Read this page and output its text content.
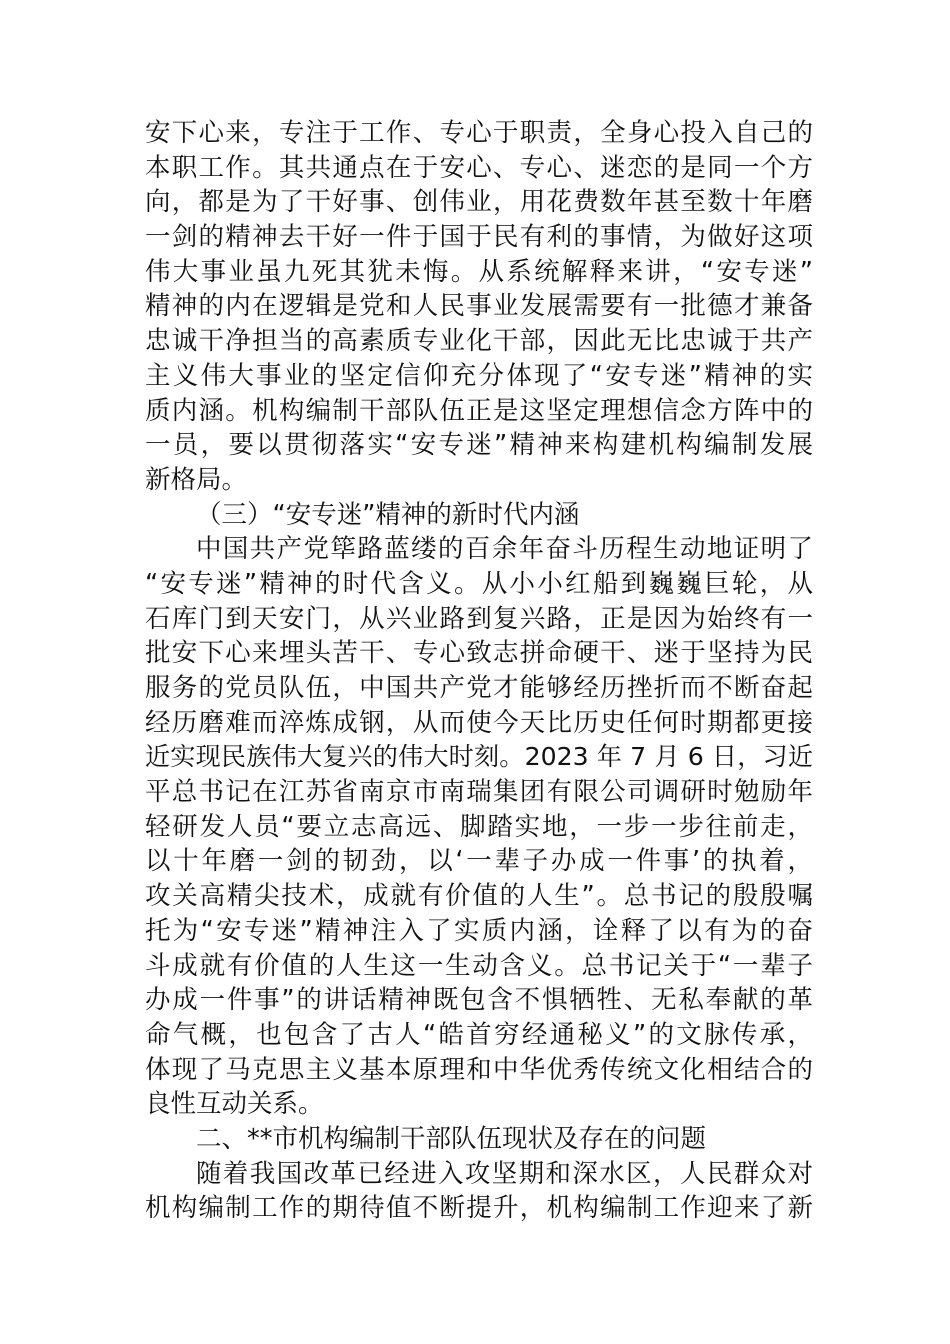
安下心来，专注于工作、专心于职责，全身心投入自己的
本职工作。其共通点在于安心、专心、迷恋的是同一个方
向，都是为了干好事、创伟业，用花费数年甚至数十年磨
一剑的精神去干好一件于国于民有利的事情，为做好这项
伟大事业虽九死其犹未悔。从系统解释来讲，“安专迷”
精神的内在逻辑是党和人民事业发展需要有一批德才兼备
忠诚干净担当的高素质专业化干部，因此无比忠诚于共产
主义伟大事业的坚定信仰充分体现了“安专迷”精神的实
质内涵。机构编制干部队伍正是这坚定理想信念方阵中的
一员，要以贯彻落实“安专迷”精神来构建机构编制发展
新格局。
（三）“安专迷”精神的新时代内涵
中国共产党筚路蓝缕的百余年奋斗历程生动地证明了
“安专迷”精神的时代含义。从小小红船到巍巍巨轮，从
石库门到天安门，从兴业路到复兴路，正是因为始终有一
批安下心来埋头苦干、专心致志拼命硬干、迷于坚持为民
服务的党员队伍，中国共产党才能够经历挫折而不断奋起
经历磨难而淬炼成钢，从而使今天比历史任何时期都更接
近实现民族伟大复兴的伟大时刻。2023 年 7 月 6 日，习近
平总书记在江苏省南京市南瑞集团有限公司调研时勉励年
轻研发人员“要立志高远、脚踏实地，一步一步往前走，
以十年磨一剑的韧劲，以‘一辈子办成一件事’的执着，
攻关高精尖技术，成就有价值的人生”。总书记的殷殷嘱
托为“安专迷”精神注入了实质内涵，诠释了以有为的奋
斗成就有价值的人生这一生动含义。总书记关于“一辈子
办成一件事”的讲话精神既包含不惧牺牲、无私奉献的革
命气概，也包含了古人“皓首穷经通秘义”的文脉传承，
体现了马克思主义基本原理和中华优秀传统文化相结合的
良性互动关系。
二、**市机构编制干部队伍现状及存在的问题
随着我国改革已经进入攻坚期和深水区，人民群众对
机构编制工作的期待值不断提升，机构编制工作迎来了新
